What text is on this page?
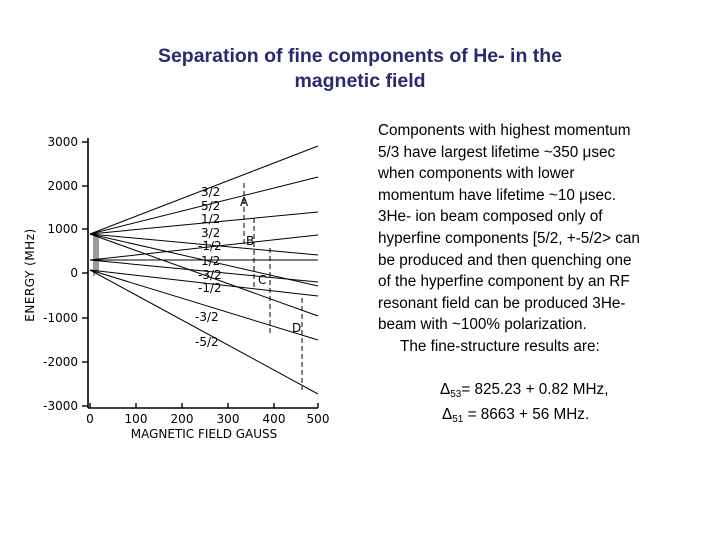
Separation of fine components of He- in the
magnetic field
3000
2000
1000
0
-1000
-2000
-3000
ENERGY (MHz)
0	100 200 300 400 500
MAGNETIC FIELD GAUSS
A
B
C
D
3/2
5/2
1/2
3/2
-1/2
1/2
-3/2
-1/2
-3/2
-5/2
Components with highest momentum
5/3 have largest lifetime ~350 μsec
when components with lower
momentum have lifetime ~10 μsec.
3He- ion beam composed only of
hyperfine components [5/2, +-5/2> can
be produced and then quenching one
of the hyperfine component by an RF
resonant field can be produced 3He-
beam with ~100% polarization.
The fine-structure results are:
$\Delta_{53}= 825.23 + 0.82$ MHz,
$\Delta_{51} = 8663 + 56$ MHz.
